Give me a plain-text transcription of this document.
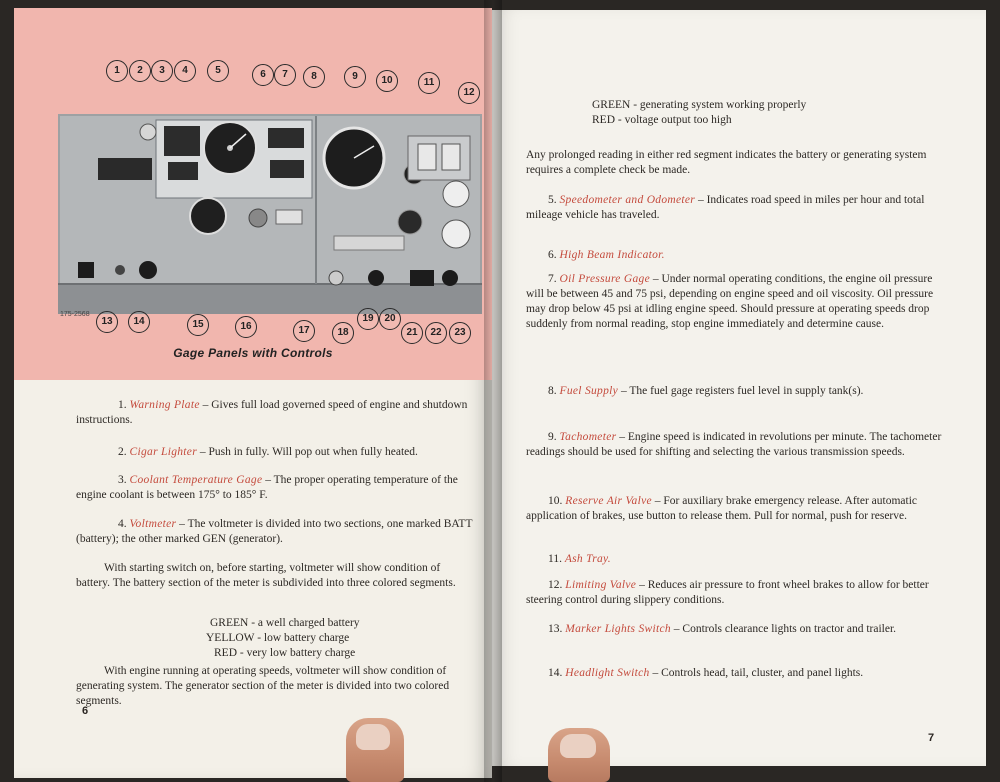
1	2	3	4	5	6	7	8	9	10	11
12
13	14	15	16	17	18
19	20
21	22	23
175-2568
Gage Panels with Controls
1. Warning Plate – Gives full load governed speed of engine and shutdown instructions.
2. Cigar Lighter – Push in fully. Will pop out when fully heated.
3. Coolant Temperature Gage – The proper operating temperature of the engine coolant is between 175° to 185° F.
4. Voltmeter – The voltmeter is divided into two sections, one marked BATT (battery); the other marked GEN (generator).
With starting switch on, before starting, voltmeter will show condition of battery. The battery section of the meter is subdivided into three colored segments.
GREEN - a well charged battery
YELLOW - low battery charge
RED - very low battery charge
With engine running at operating speeds, voltmeter will show condition of generating system. The generator section of the meter is divided into two colored segments.
6
GREEN - generating system working properly
RED - voltage output too high
Any prolonged reading in either red segment indicates the battery or generating system requires a complete check be made.
5. Speedometer and Odometer – Indicates road speed in miles per hour and total mileage vehicle has traveled.
6. High Beam Indicator.
7. Oil Pressure Gage – Under normal operating conditions, the engine oil pressure will be between 45 and 75 psi, depending on engine speed and oil viscosity. Oil pressure may drop below 45 psi at idling engine speed. Should pressure at operating speeds drop suddenly from normal reading, stop engine immediately and determine cause.
8. Fuel Supply – The fuel gage registers fuel level in supply tank(s).
9. Tachometer – Engine speed is indicated in revolutions per minute. The tachometer readings should be used for shifting and selecting the various transmission speeds.
10. Reserve Air Valve – For auxiliary brake emergency release. After automatic application of brakes, use button to release them. Pull for normal, push for reserve.
11. Ash Tray.
12. Limiting Valve – Reduces air pressure to front wheel brakes to allow for better steering control during slippery conditions.
13. Marker Lights Switch – Controls clearance lights on tractor and trailer.
14. Headlight Switch – Controls head, tail, cluster, and panel lights.
7
